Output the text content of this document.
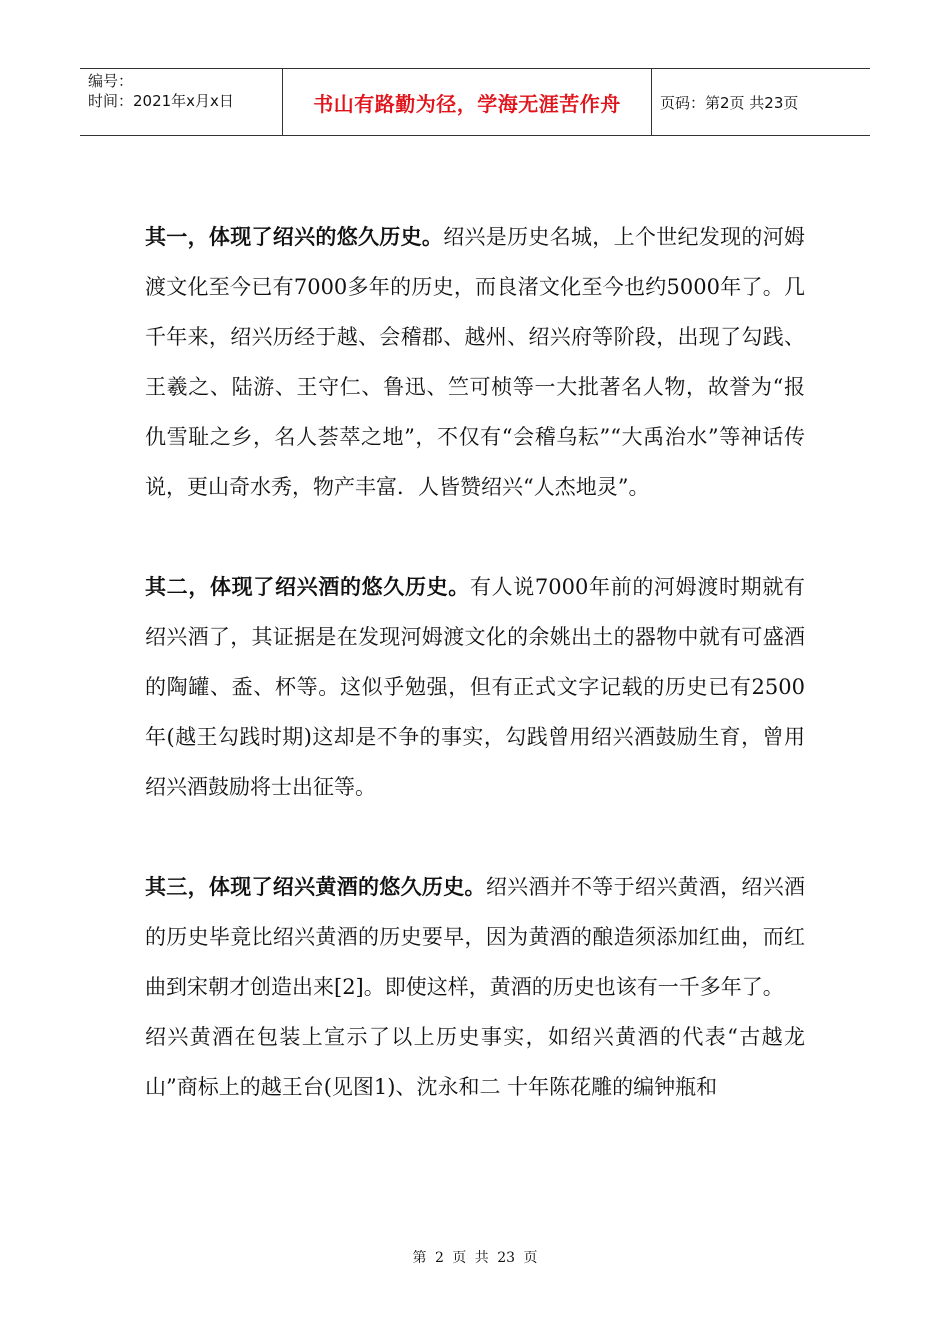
编号：
时间：2021年x月x日	书山有路勤为径，学海无涯苦作舟	页码：第2页 共23页

其一，体现了绍兴的悠久历史。绍兴是历史名城，上个世纪发现的河姆渡文化至今已有7000多年的历史，而良渚文化至今也约5000年了。几千年来，绍兴历经于越、会稽郡、越州、绍兴府等阶段，出现了勾践、王羲之、陆游、王守仁、鲁迅、竺可桢等一大批著名人物，故誉为“报仇雪耻之乡，名人荟萃之地”，不仅有“会稽乌耘”“大禹治水”等神话传说，更山奇水秀，物产丰富．人皆赞绍兴“人杰地灵”。

其二，体现了绍兴酒的悠久历史。有人说7000年前的河姆渡时期就有绍兴酒了，其证据是在发现河姆渡文化的余姚出土的器物中就有可盛酒的陶罐、盉、杯等。这似乎勉强，但有正式文字记载的历史已有2500年(越王勾践时期)这却是不争的事实，勾践曾用绍兴酒鼓励生育，曾用绍兴酒鼓励将士出征等。

其三，体现了绍兴黄酒的悠久历史。绍兴酒并不等于绍兴黄酒，绍兴酒的历史毕竟比绍兴黄酒的历史要早，因为黄酒的酿造须添加红曲，而红曲到宋朝才创造出来[2]。即使这样，黄酒的历史也该有一千多年了。

绍兴黄酒在包装上宣示了以上历史事实，如绍兴黄酒的代表“古越龙山”商标上的越王台(见图1)、沈永和二 十年陈花雕的编钟瓶和

第 2 页 共 23 页
